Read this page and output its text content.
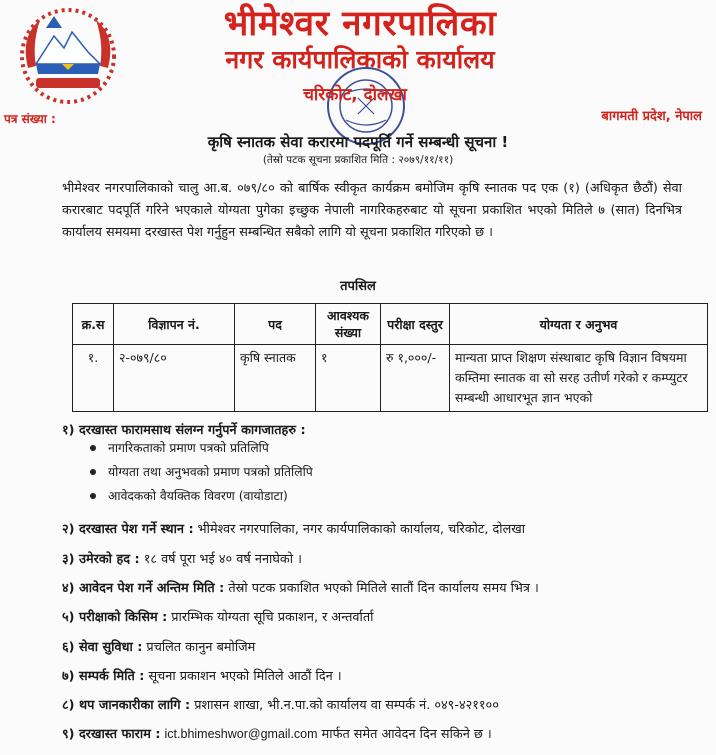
भीमेश्वर नगरपालिका
नगर कार्यपालिकाको कार्यालय
चरिकोट, दोलखा
पत्र संख्या :	बागमती प्रदेश, नेपाल
कृषि स्नातक सेवा करारमा पदपूर्ति गर्ने सम्बन्धी सूचना !
(तेस्रो पटक सूचना प्रकाशित मिति : २०७९/११/११)
भीमेश्वर नगरपालिकाको चालु आ.ब. ०७९/८० को बार्षिक स्वीकृत कार्यक्रम बमोजिम कृषि स्नातक पद एक (१) (अधिकृत छैठौं) सेवा करारबाट पदपूर्ति गरिने भएकाले योग्यता पुगेका इच्छुक नेपाली नागरिकहरुबाट यो सूचना प्रकाशित भएको मितिले ७ (सात) दिनभित्र कार्यालय समयमा दरखास्त पेश गर्नुहुन सम्बन्धित सबैको लागि यो सूचना प्रकाशित गरिएको छ ।
तपसिल
क्र.स	विज्ञापन नं.	पद	आवश्यक संख्या	परीक्षा दस्तुर	योग्यता र अनुभव
१.	२-०७९/८०	कृषि स्नातक	१	रु १,०००/-	मान्यता प्राप्त शिक्षण संस्थाबाट कृषि विज्ञान विषयमा कम्तिमा स्नातक वा सो सरह उतीर्ण गरेको र कम्प्युटर सम्बन्धी आधारभूत ज्ञान भएको
१) दरखास्त फारामसाथ संलग्न गर्नुपर्ने कागजातहरु :
नागरिकताको प्रमाण पत्रको प्रतिलिपि
योग्यता तथा अनुभवको प्रमाण पत्रको प्रतिलिपि
आवेदकको वैयक्तिक विवरण (वायोडाटा)
२) दरखास्त पेश गर्ने स्थान : भीमेश्वर नगरपालिका, नगर कार्यपालिकाको कार्यालय, चरिकोट, दोलखा
३) उमेरको हद : १८ वर्ष पूरा भई ४० वर्ष ननाघेको ।
४) आवेदन पेश गर्ने अन्तिम मिति : तेस्रो पटक प्रकाशित भएको मितिले सातौं दिन कार्यालय समय भित्र ।
५) परीक्षाको किसिम : प्रारम्भिक योग्यता सूचि प्रकाशन, र अन्तर्वार्ता
६) सेवा सुविधा : प्रचलित कानुन बमोजिम
७) सम्पर्क मिति : सूचना प्रकाशन भएको मितिले आठौं दिन ।
८) थप जानकारीका लागि : प्रशासन शाखा, भी.न.पा.को कार्यालय वा सम्पर्क नं. ०४९-४२११००
९) दरखास्त फाराम : ict.bhimeshwor@gmail.com मार्फत समेत आवेदन दिन सकिने छ ।
